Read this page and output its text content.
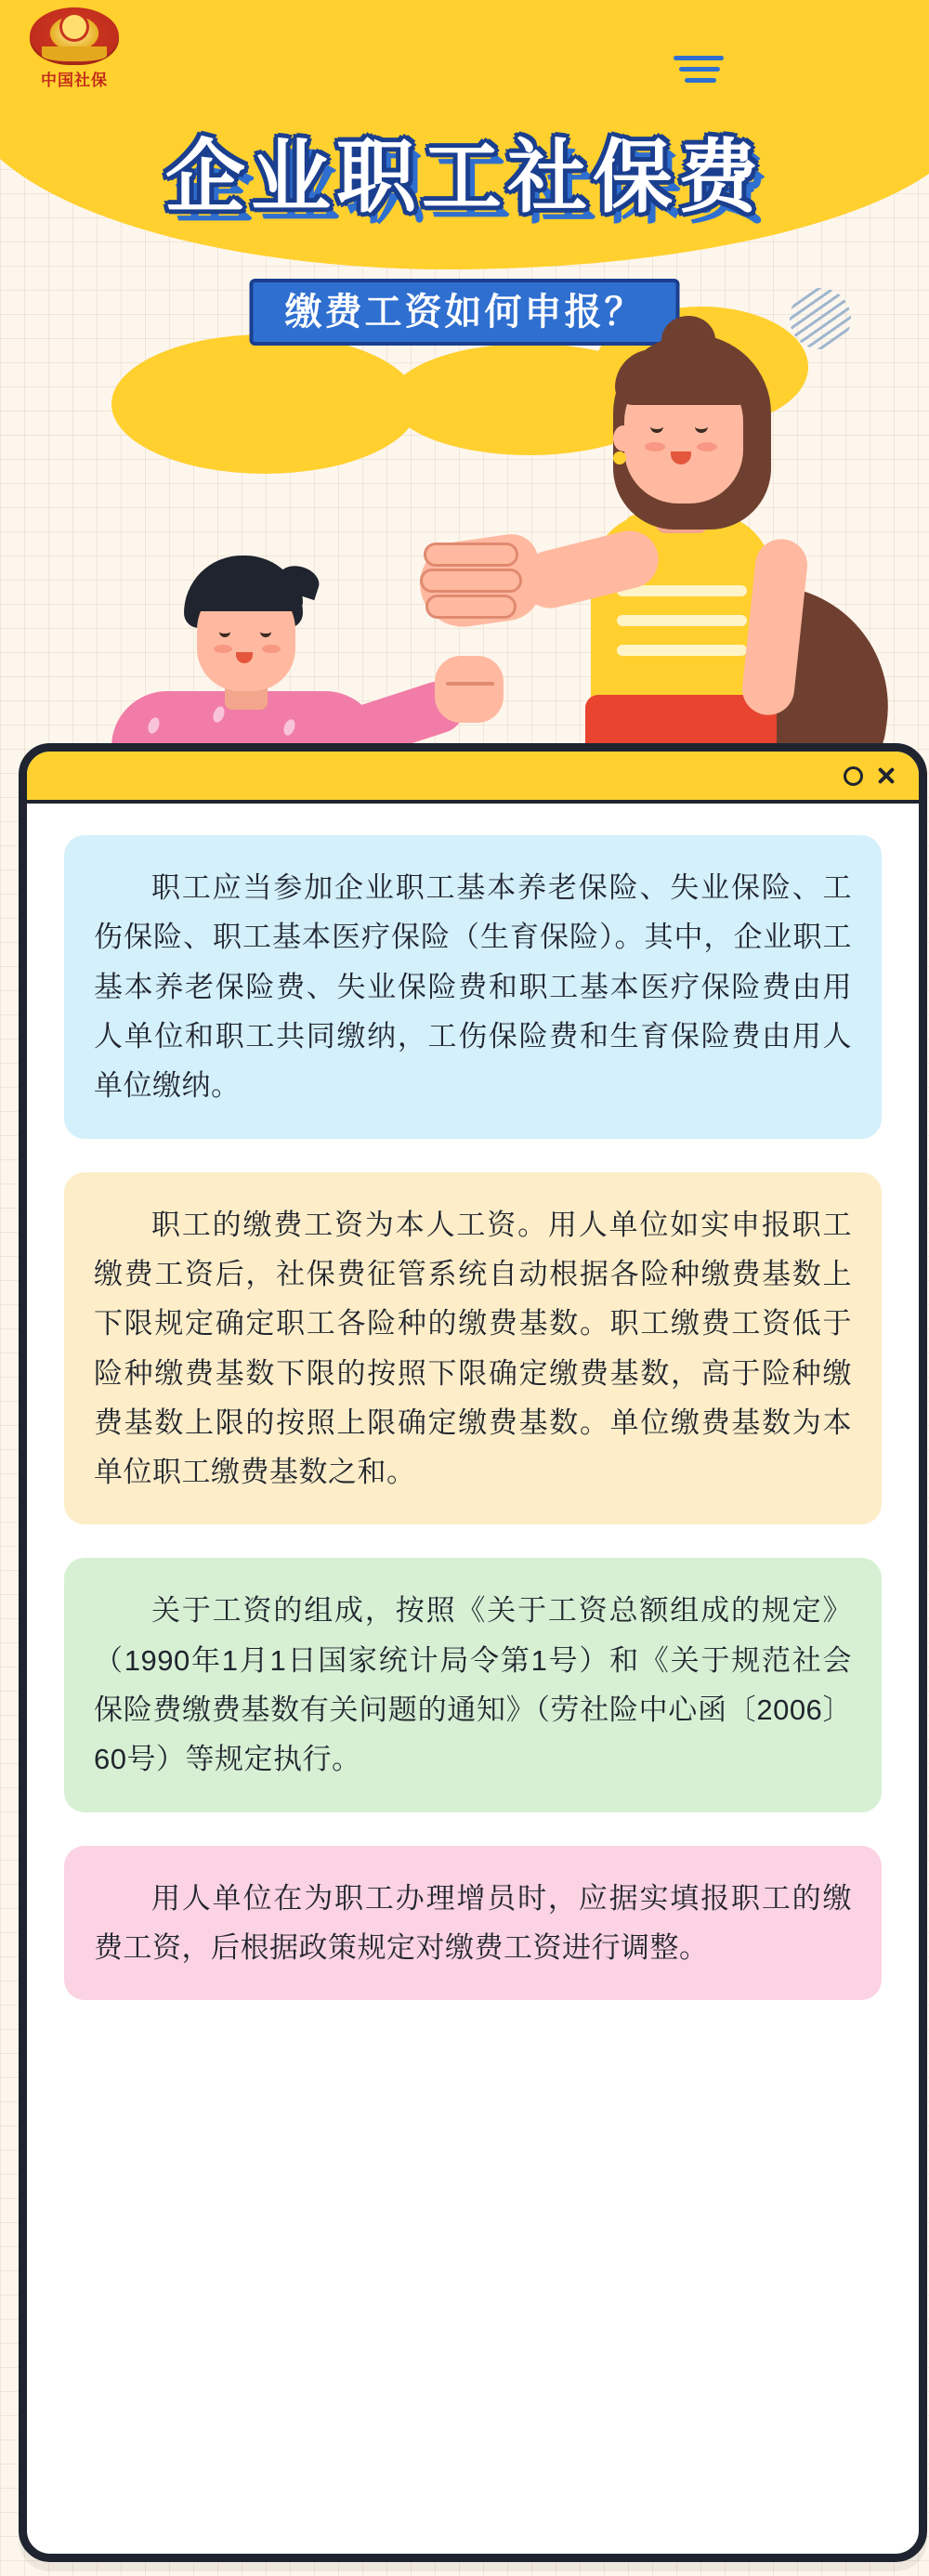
中国社保
企业职工社保费
缴费工资如何申报？
职工应当参加企业职工基本养老保险、失业保险、工伤保险、职工基本医疗保险（生育保险）。其中，企业职工基本养老保险费、失业保险费和职工基本医疗保险费由用人单位和职工共同缴纳，工伤保险费和生育保险费由用人单位缴纳。
职工的缴费工资为本人工资。用人单位如实申报职工缴费工资后，社保费征管系统自动根据各险种缴费基数上下限规定确定职工各险种的缴费基数。职工缴费工资低于险种缴费基数下限的按照下限确定缴费基数，高于险种缴费基数上限的按照上限确定缴费基数。单位缴费基数为本单位职工缴费基数之和。
关于工资的组成，按照《关于工资总额组成的规定》（1990年1月1日国家统计局令第1号）和《关于规范社会保险费缴费基数有关问题的通知》（劳社险中心函〔2006〕60号）等规定执行。
用人单位在为职工办理增员时，应据实填报职工的缴费工资，后根据政策规定对缴费工资进行调整。
